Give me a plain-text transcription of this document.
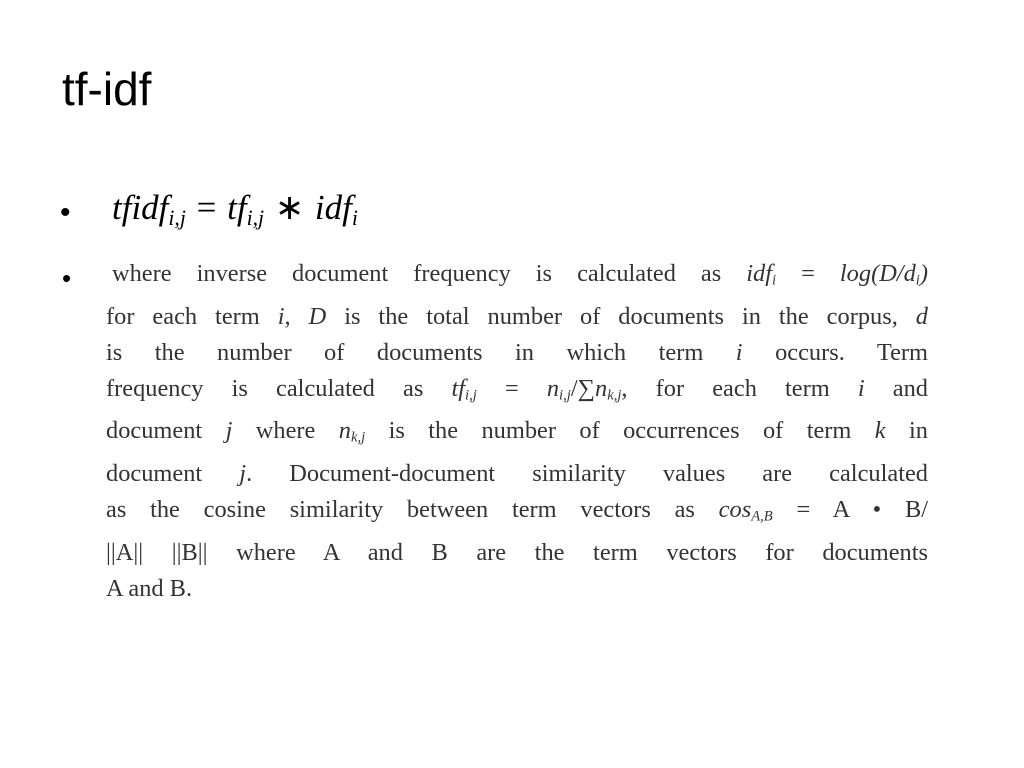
tf-idf
• tfidf$_{i,j}$ = $tf_{i,j}$ ∗ idf$_i$
• where inverse document frequency is calculated as $idf_i = \log(D/d_i)$
for each term i, D is the total number of documents in the corpus, d
is the number of documents in which term i occurs. Term
frequency is calculated as $tf_{i,j} = n_{i,j}/\sum n_{k,j}$, for each term i and
document j where $n_{k,j}$ is the number of occurrences of term k in
document j. Document-document similarity values are calculated
as the cosine similarity between term vectors as $\cos_{A,B} = A$ • B/
||A|| ||B|| where A and B are the term vectors for documents
A and B.
